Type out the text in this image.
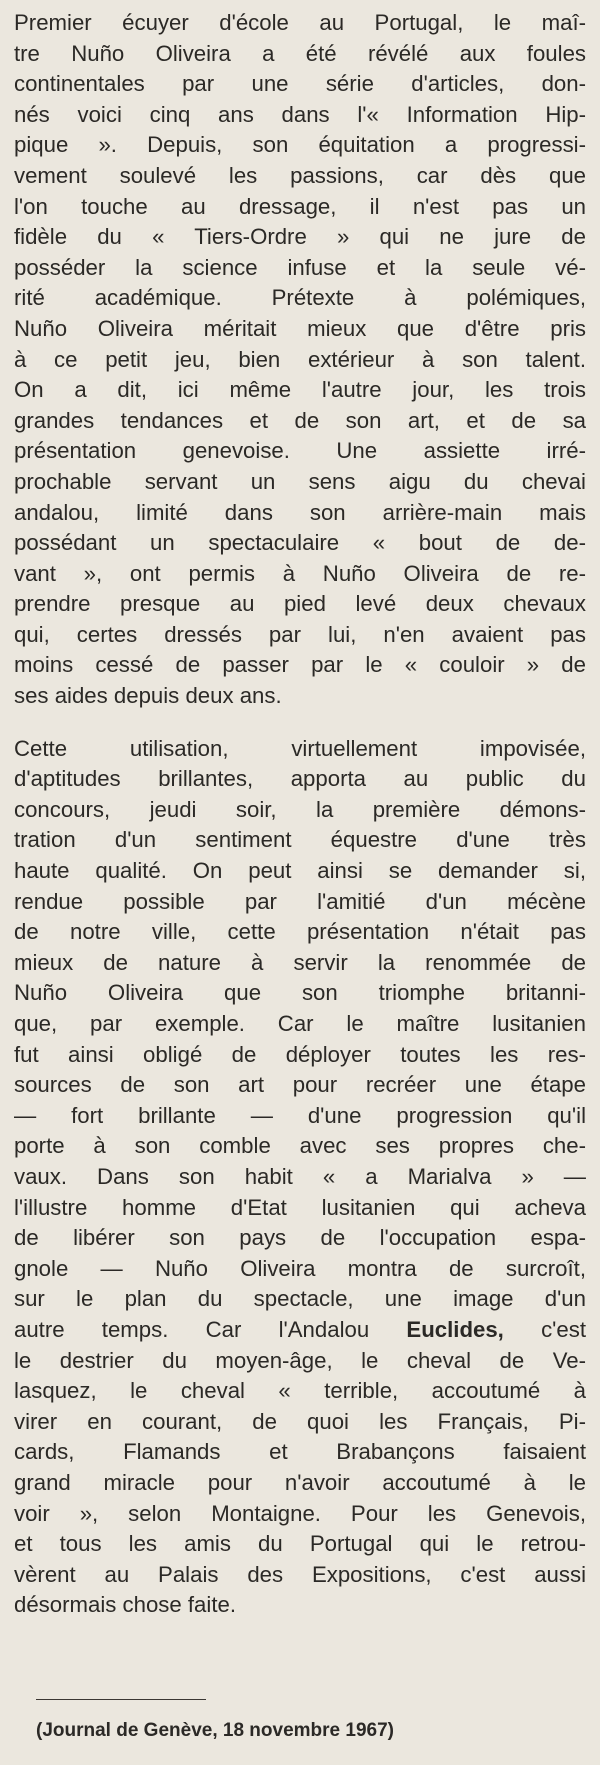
Premier écuyer d'école au Portugal, le maî-
tre Nuño Oliveira a été révélé aux foules
continentales par une série d'articles, don-
nés voici cinq ans dans l'« Information Hip-
pique ». Depuis, son équitation a progressi-
vement soulevé les passions, car dès que
l'on touche au dressage, il n'est pas un
fidèle du « Tiers-Ordre » qui ne jure de
posséder la science infuse et la seule vé-
rité académique. Prétexte à polémiques,
Nuño Oliveira méritait mieux que d'être pris
à ce petit jeu, bien extérieur à son talent.
On a dit, ici même l'autre jour, les trois
grandes tendances et de son art, et de sa
présentation genevoise. Une assiette irré-
prochable servant un sens aigu du chevai
andalou, limité dans son arrière-main mais
possédant un spectaculaire « bout de de-
vant », ont permis à Nuño Oliveira de re-
prendre presque au pied levé deux chevaux
qui, certes dressés par lui, n'en avaient pas
moins cessé de passer par le « couloir » de
ses aides depuis deux ans.

Cette utilisation, virtuellement impovisée,
d'aptitudes brillantes, apporta au public du
concours, jeudi soir, la première démons-
tration d'un sentiment équestre d'une très
haute qualité. On peut ainsi se demander si,
rendue possible par l'amitié d'un mécène
de notre ville, cette présentation n'était pas
mieux de nature à servir la renommée de
Nuño Oliveira que son triomphe britanni-
que, par exemple. Car le maître lusitanien
fut ainsi obligé de déployer toutes les res-
sources de son art pour recréer une étape
— fort brillante — d'une progression qu'il
porte à son comble avec ses propres che-
vaux. Dans son habit « a Marialva » —
l'illustre homme d'Etat lusitanien qui acheva
de libérer son pays de l'occupation espa-
gnole — Nuño Oliveira montra de surcroît,
sur le plan du spectacle, une image d'un
autre temps. Car l'Andalou Euclides, c'est
le destrier du moyen-âge, le cheval de Ve-
lasquez, le cheval « terrible, accoutumé à
virer en courant, de quoi les Français, Pi-
cards, Flamands et Brabançons faisaient
grand miracle pour n'avoir accoutumé à le
voir », selon Montaigne. Pour les Genevois,
et tous les amis du Portugal qui le retrou-
vèrent au Palais des Expositions, c'est aussi
désormais chose faite.

(Journal de Genève, 18 novembre 1967)
